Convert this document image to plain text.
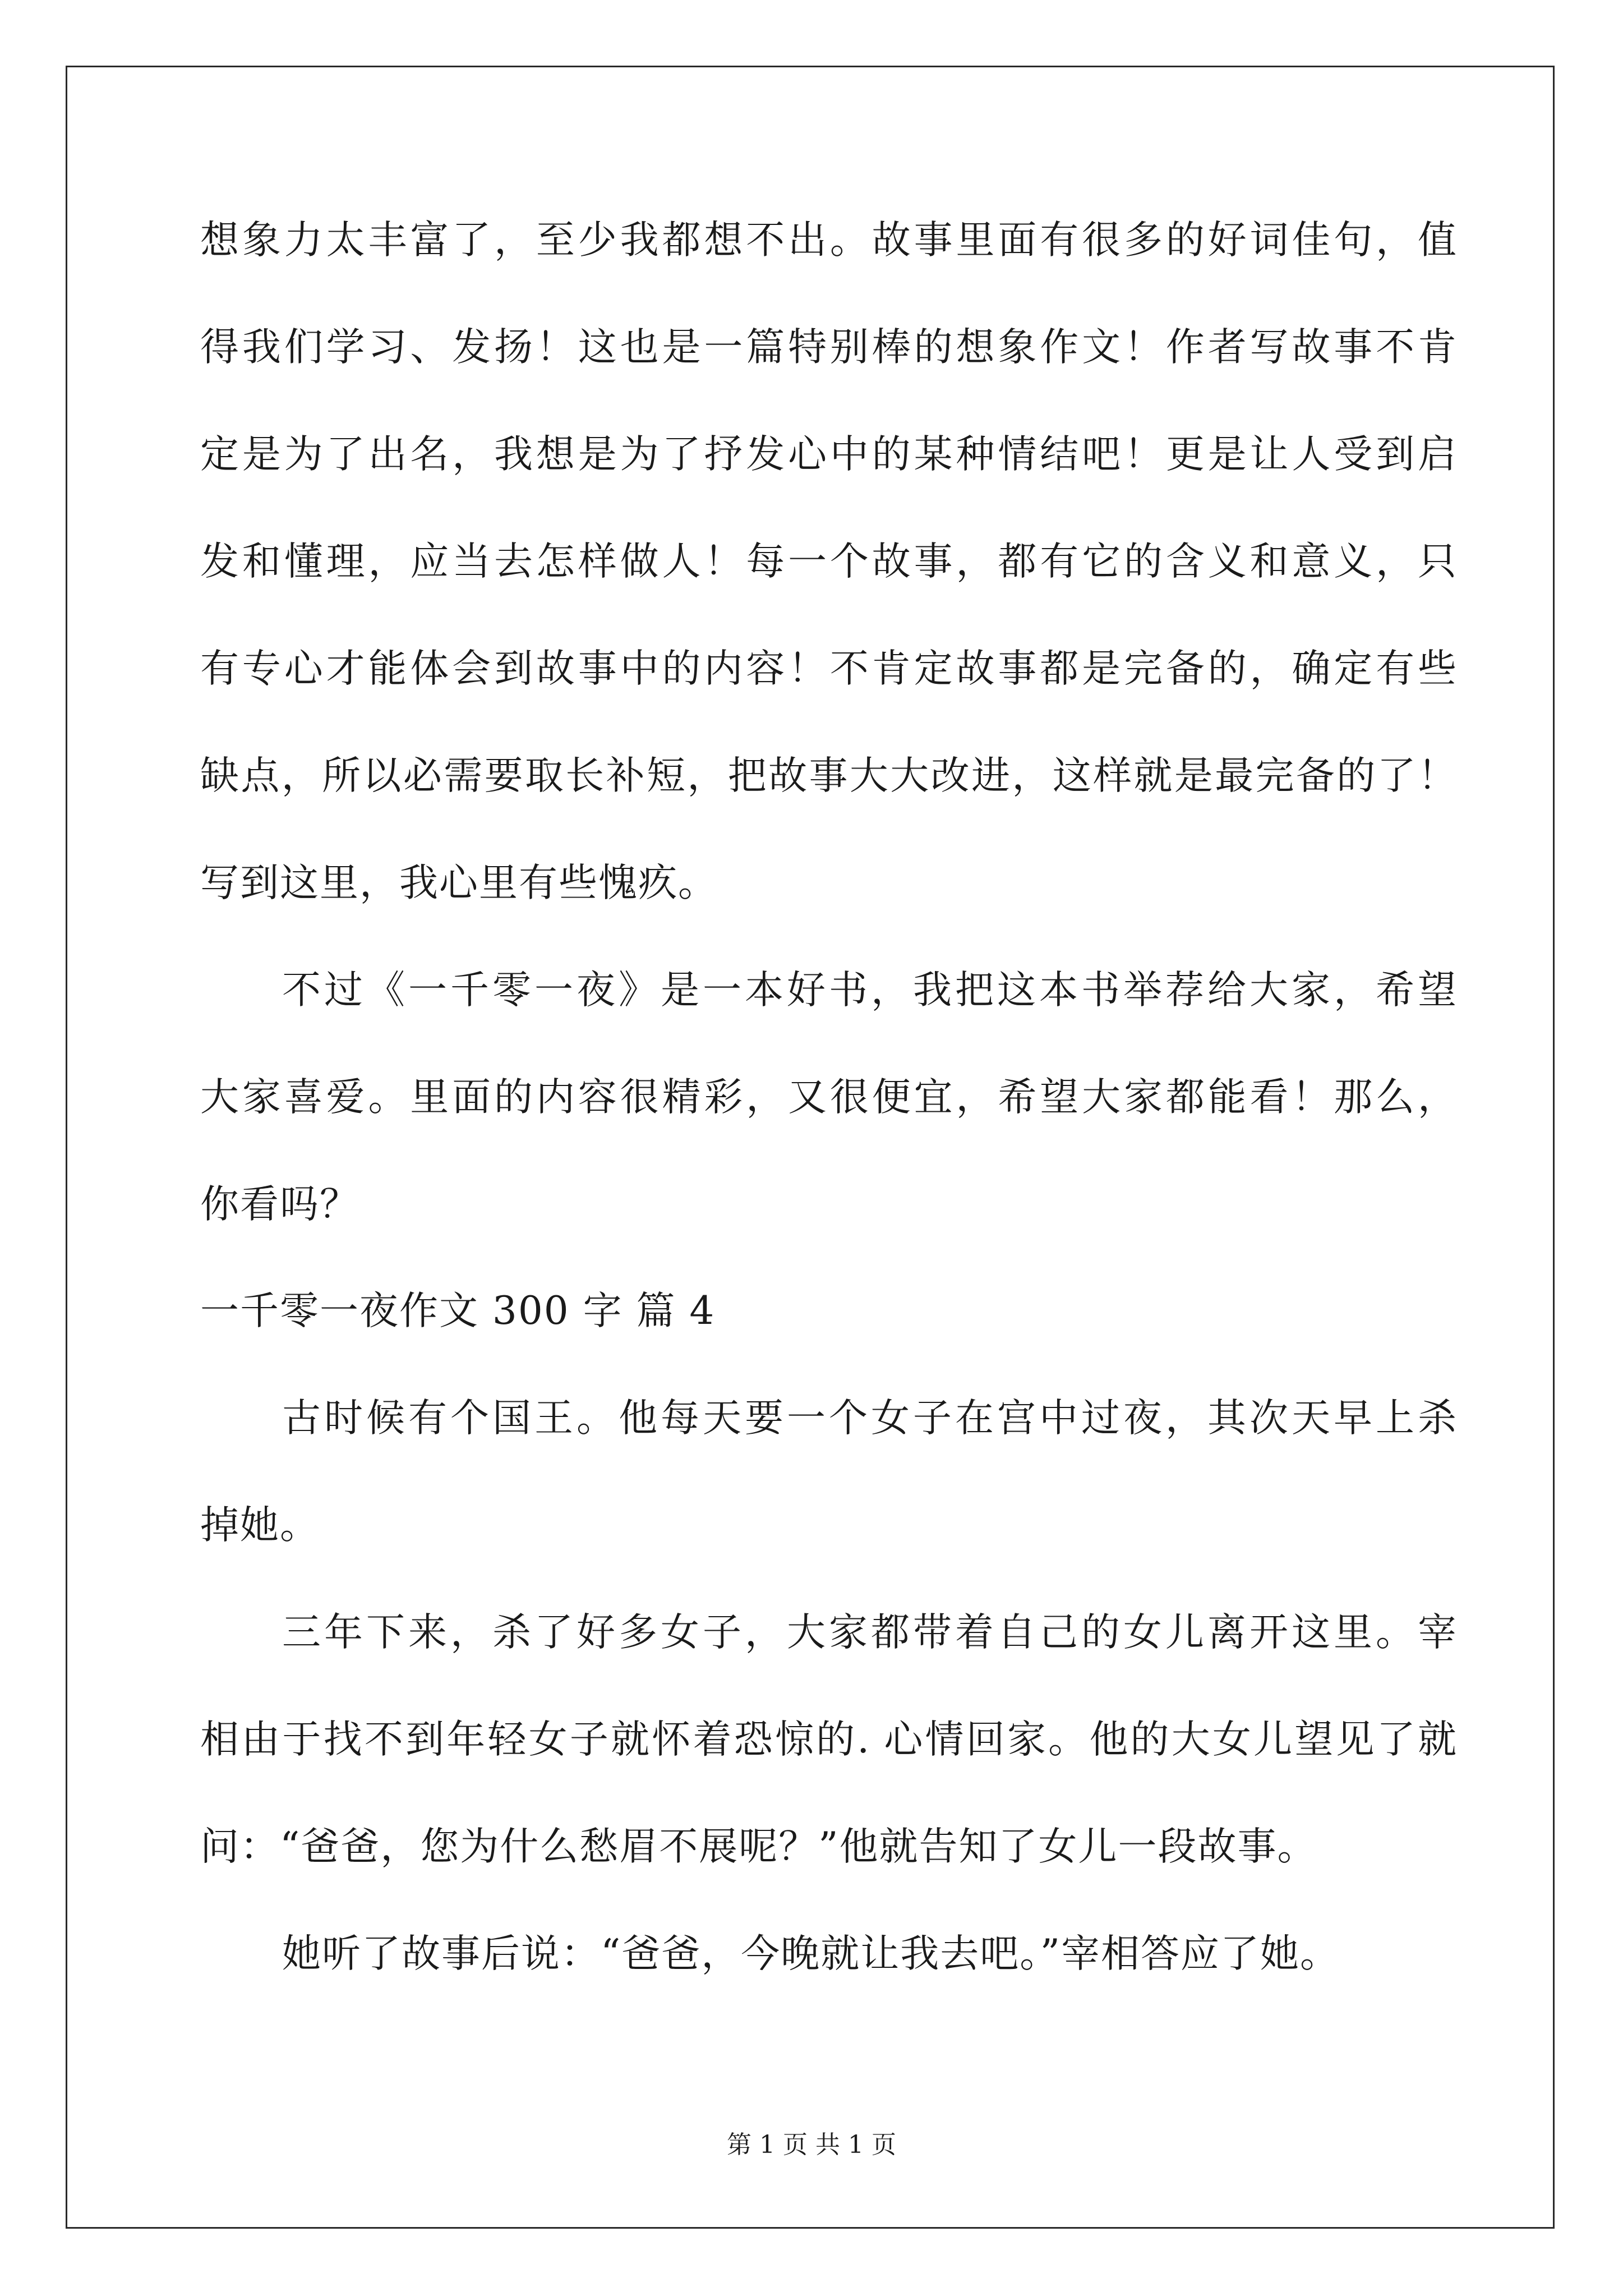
想象力太丰富了，至少我都想不出。故事里面有很多的好词佳句，值
得我们学习、发扬！这也是一篇特别棒的想象作文！作者写故事不肯
定是为了出名，我想是为了抒发心中的某种情结吧！更是让人受到启
发和懂理，应当去怎样做人！每一个故事，都有它的含义和意义，只
有专心才能体会到故事中的内容！不肯定故事都是完备的，确定有些
缺点，所以必需要取长补短，把故事大大改进，这样就是最完备的了！
写到这里，我心里有些愧疚。
不过《一千零一夜》是一本好书，我把这本书举荐给大家，希望
大家喜爱。里面的内容很精彩，又很便宜，希望大家都能看！那么，
你看吗？
一千零一夜作文 300 字 篇 4
古时候有个国王。他每天要一个女子在宫中过夜，其次天早上杀
掉她。
三年下来，杀了好多女子，大家都带着自己的女儿离开这里。宰
相由于找不到年轻女子就怀着恐惊的. 心情回家。他的大女儿望见了就
问：“爸爸，您为什么愁眉不展呢？”他就告知了女儿一段故事。
她听了故事后说：“爸爸，今晚就让我去吧。”宰相答应了她。
第 1 页 共 1 页
